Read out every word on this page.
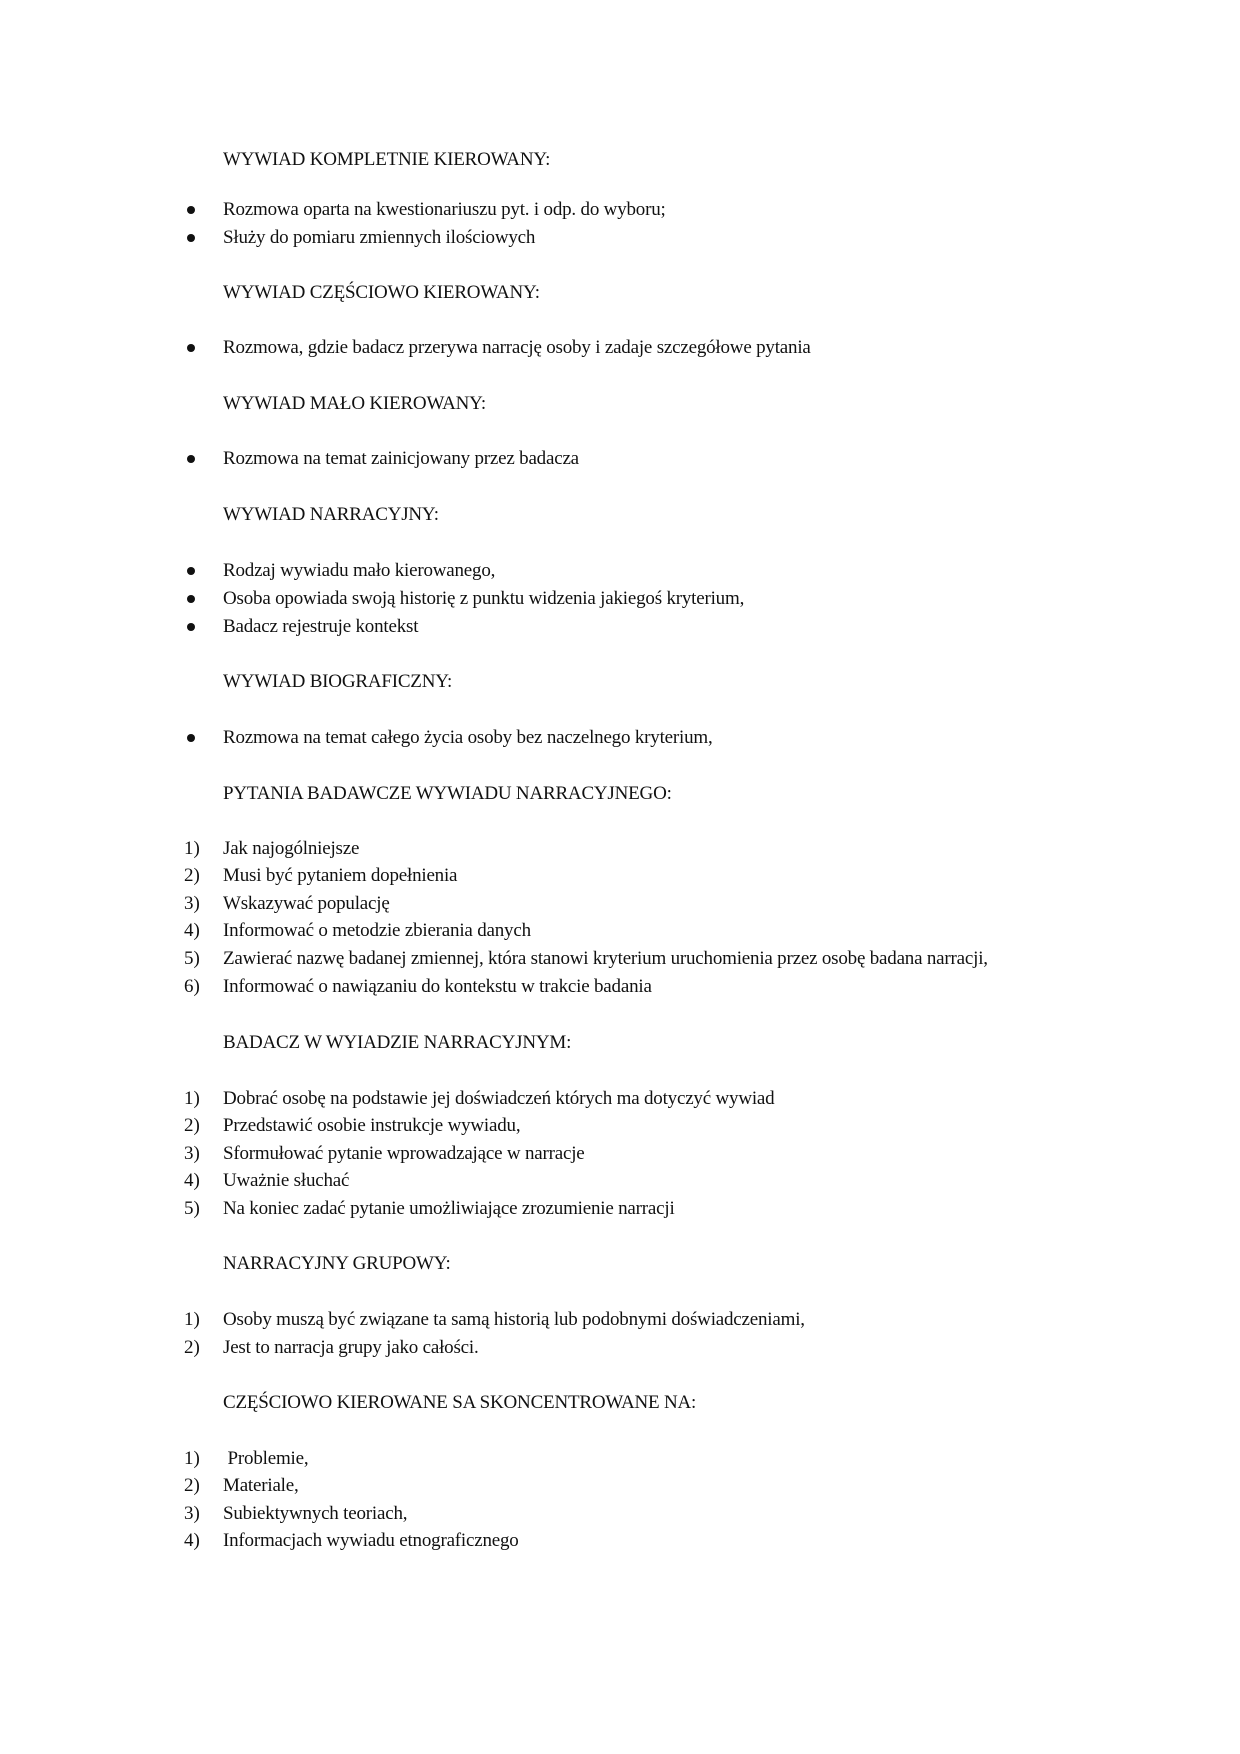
WYWIAD KOMPLETNIE KIEROWANY:
Rozmowa oparta na kwestionariuszu pyt. i odp. do wyboru;
Służy do pomiaru zmiennych ilościowych
WYWIAD CZĘŚCIOWO KIEROWANY:
Rozmowa, gdzie badacz przerywa narrację osoby i zadaje szczegółowe pytania
WYWIAD MAŁO KIEROWANY:
Rozmowa na temat zainicjowany przez badacza
WYWIAD NARRACYJNY:
Rodzaj wywiadu mało kierowanego,
Osoba opowiada swoją historię z punktu widzenia jakiegoś kryterium,
Badacz rejestruje kontekst
WYWIAD BIOGRAFICZNY:
Rozmowa na temat całego życia osoby bez naczelnego kryterium,
PYTANIA BADAWCZE WYWIADU NARRACYJNEGO:
1) Jak najogólniejsze
2) Musi być pytaniem dopełnienia
3) Wskazywać populację
4) Informować o metodzie zbierania danych
5) Zawierać nazwę badanej zmiennej, która stanowi kryterium uruchomienia przez osobę badana narracji,
6) Informować o nawiązaniu do kontekstu w trakcie badania
BADACZ W WYIADZIE NARRACYJNYM:
1) Dobrać osobę na podstawie jej doświadczeń których ma dotyczyć wywiad
2) Przedstawić osobie instrukcje wywiadu,
3) Sformułować pytanie wprowadzające w narracje
4) Uważnie słuchać
5) Na koniec zadać pytanie umożliwiające zrozumienie narracji
NARRACYJNY GRUPOWY:
1) Osoby muszą być związane ta samą historią lub podobnymi doświadczeniami,
2) Jest to narracja grupy jako całości.
CZĘŚCIOWO KIEROWANE SA SKONCENTROWANE NA:
1) Problemie,
2) Materiale,
3) Subiektywnych teoriach,
4) Informacjach wywiadu etnograficznego
